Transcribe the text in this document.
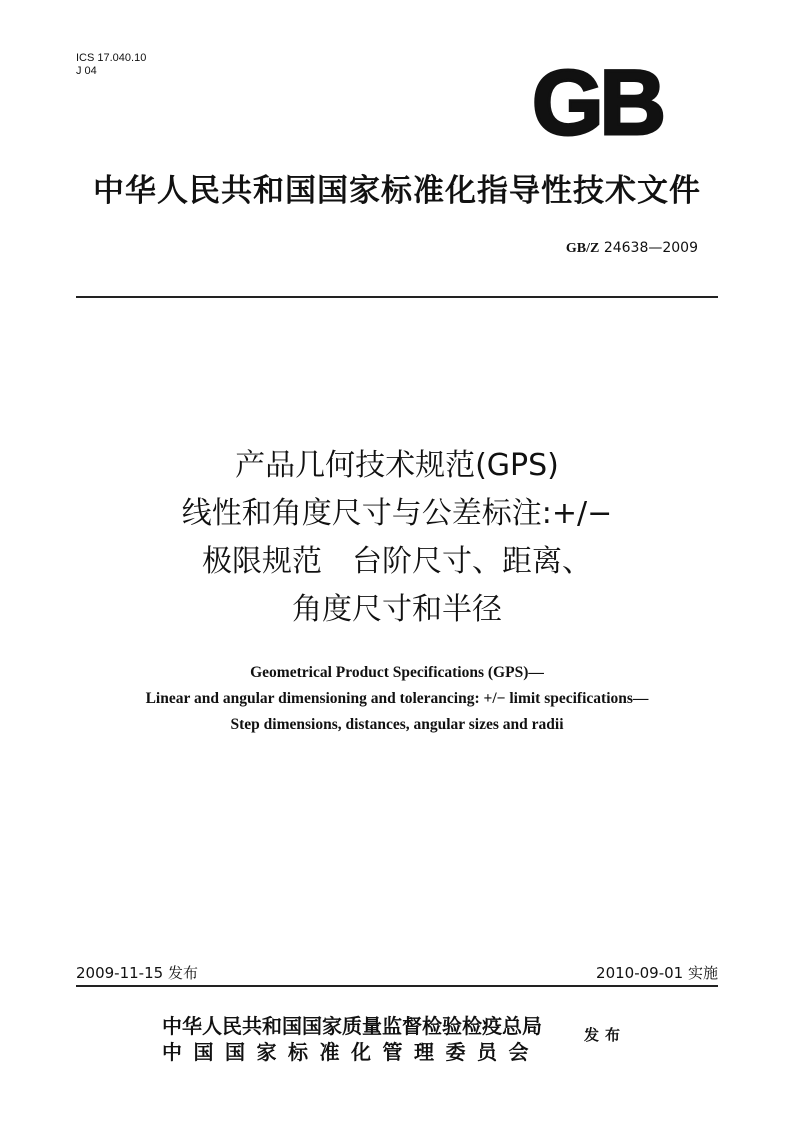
ICS 17.040.10
J 04	GB
中华人民共和国国家标准化指导性技术文件
GB/Z 24638—2009
产品几何技术规范(GPS)
线性和角度尺寸与公差标注:+/−
极限规范　台阶尺寸、距离、
角度尺寸和半径
Geometrical Product Specifications (GPS)—
Linear and angular dimensioning and tolerancing: +/− limit specifications—
Step dimensions, distances, angular sizes and radii
2009-11-15 发布	2010-09-01 实施
中华人民共和国国家质量监督检验检疫总局
中国国家标准化管理委员会
发布
